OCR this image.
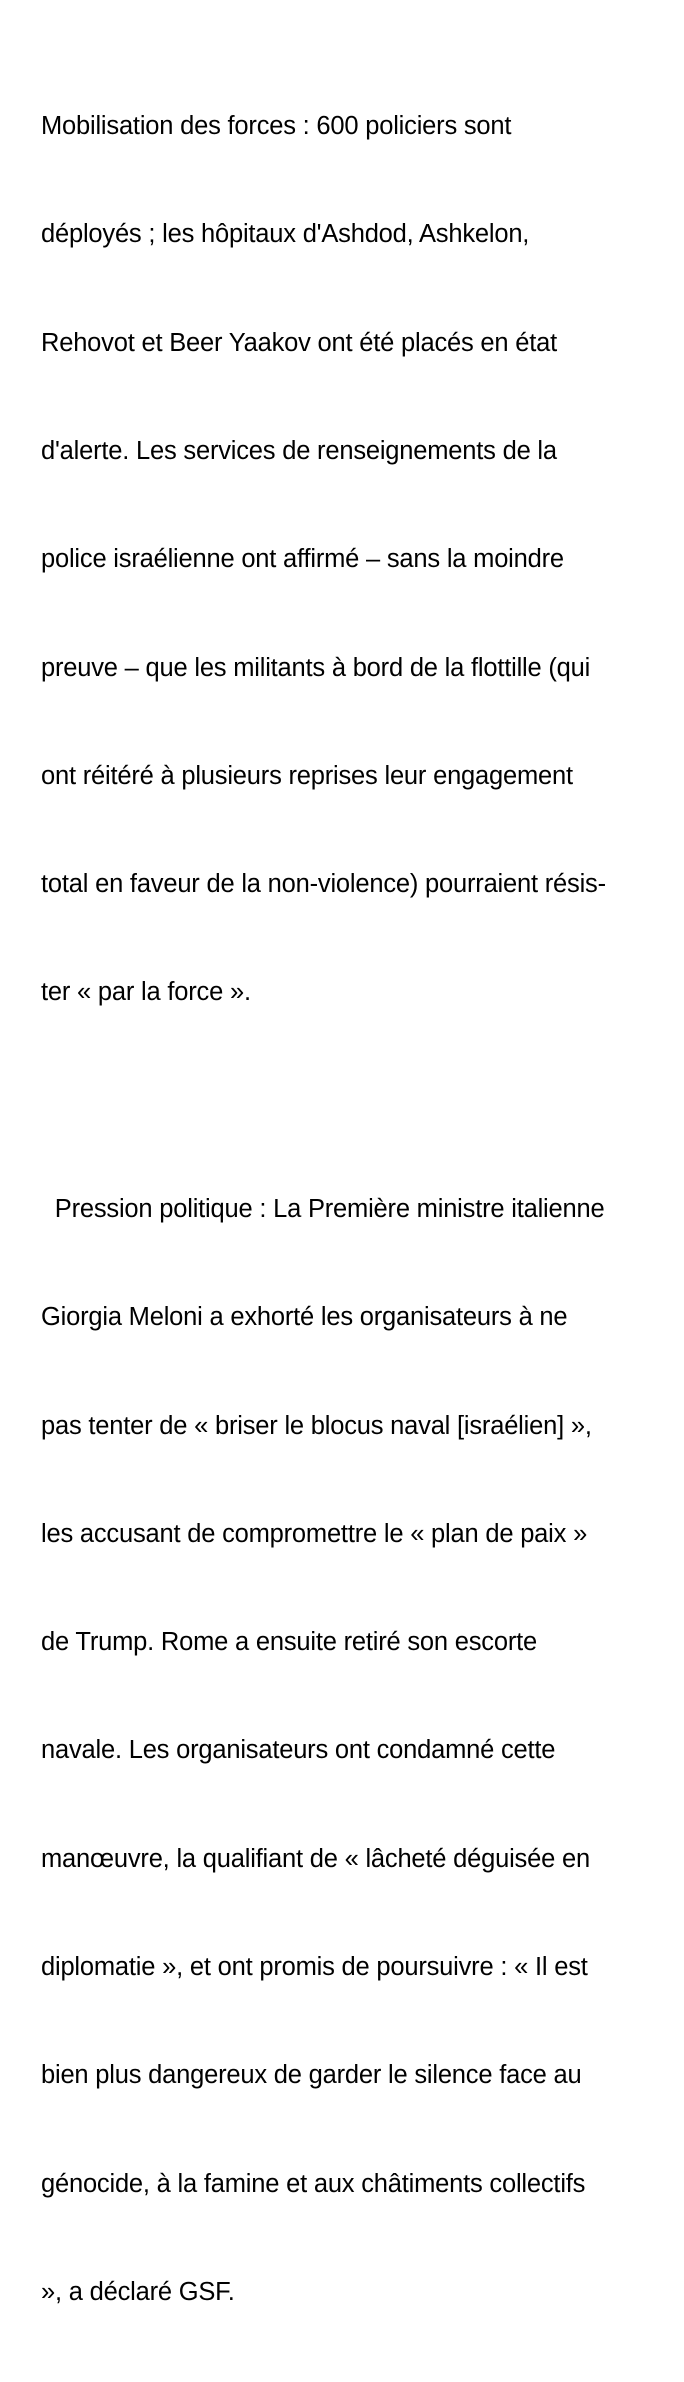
Mobilisation des forces : 600 policiers sont

déployés ; les hôpitaux d'Ashdod, Ashkelon,

Rehovot et Beer Yaakov ont été placés en état

d'alerte. Les services de renseignements de la

police israélienne ont affirmé – sans la moindre

preuve – que les militants à bord de la flottille (qui

ont réitéré à plusieurs reprises leur engagement

total en faveur de la non-violence) pourraient résis-

ter « par la force ».

Pression politique : La Première ministre italienne

Giorgia Meloni a exhorté les organisateurs à ne

pas tenter de « briser le blocus naval [israélien] »,

les accusant de compromettre le « plan de paix »

de Trump. Rome a ensuite retiré son escorte

navale. Les organisateurs ont condamné cette

manœuvre, la qualifiant de « lâcheté déguisée en

diplomatie », et ont promis de poursuivre : « Il est

bien plus dangereux de garder le silence face au

génocide, à la famine et aux châtiments collectifs

», a déclaré GSF.
